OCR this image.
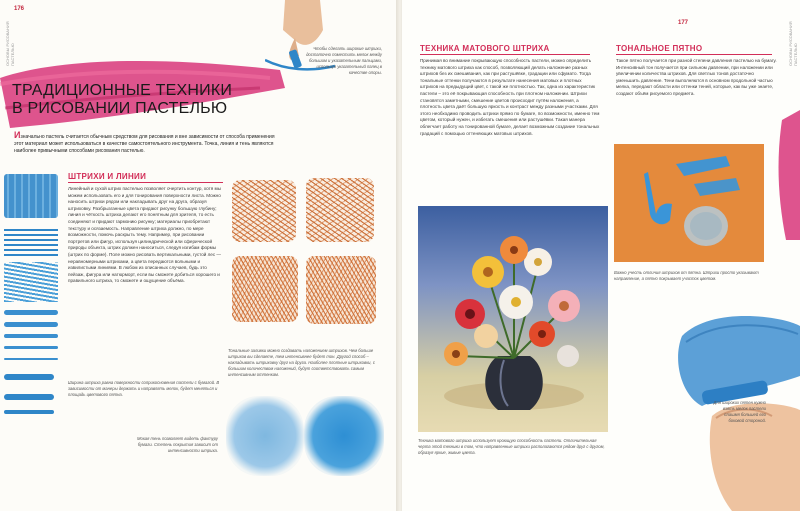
176
ОСНОВЫ РИСОВАНИЯ ПАСТЕЛЬЮ
ТРАДИЦИОННЫЕ ТЕХНИКИ
В РИСОВАНИИ ПАСТЕЛЬЮ
Чтобы сделать широкие штрихи, достаточно поместить мелок между большим и указательным пальцами, используя указательный палец в качестве опоры.
Изначально пастель считается обычным средством для рисования и вне зависимости от способа применения этот материал может использоваться в качестве самостоятельного инструмента. Точка, линия и тень являются наиболее привычными способами рисования пастелью.
ШТРИХИ И ЛИНИИ
Линейный и сухой штрих пастелью позволяет очертить контур, хотя мы можем использовать его и для тонирования поверхности листа. Можно наносить штрихи рядом или накладывать друг на друга, образуя штриховку. Разбрызганные цвета придают рисунку большую глубину; линия и чёткость штриха делают его понятным для зрителя, то есть соединяют и придают гармонию рисунку; материалы приобретают текстуру и осязаемость. Направление штриха должно, по мере возможности, помочь раскрыть тему. Например, при рисовании портретов или фигур, используя цилиндрической или сферической природы объекта, штрих должен наноситься, следуя изгибам формы (штрих по форме). Поле можно рисовать вертикальными, густой лес — неравномерными штрихами, а цвета передаются вольными и извилистыми линиями. В любом из описанных случаев, будь это пейзаж, фигура или натюрморт, если вы сможете добиться хорошего и правильного штриха, то сможете и ощущение объёма.
Ширина штриха равна поверхности соприкосновения пастели с бумагой. В зависимости от манеры держать и направлять мелок, будет меняться и площадь цветового пятна.
Тональные заливки можно создавать наложением штрихов. Чем больше штрихов вы сделаете, тем интенсивнее будет тон. Другой способ – накладывать штриховку друг на друга. Наиболее плотные штриховки, с большим количеством наложений, будут соответствовать самым интенсивным оттенкам.
Мокая тень позволяет видеть фактуру бумаги. Степень покрытия зависит от интенсивности штриха.
177	ОСНОВЫ РИСОВАНИЯ ПАСТЕЛЬЮ
ТЕХНИКА МАТОВОГО ШТРИХА
Принимая во внимание покрывающую способность пастели, можно определить технику матового штриха как способ, позволяющий делать наложение разных штрихов без их смешивания, как при растушёвке, градации или сфумато. Тогда тональные оттенки получаются в результате нанесения матовых и плотных штрихов на предыдущий цвет, с такой же плотностью. Так, одна из характеристик пастели – это её покрывающая способность при плотном наложении. Штрихи становятся заметными, смешение цветов происходит путём наложения, а плотность цвета даёт большую яркость и контраст между разными участками. Для этого необходимо проводить штрихи прямо по бумаге, по возможности, именно тем цветом, который нужен, и избегать смешения или растушёвки. Такая манера облегчает работу на тонированной бумаге, делает возможным создание тональных градаций с помощью оттеняющих матовых штрихов.
ТОНАЛЬНОЕ ПЯТНО
Такое пятно получается при разной степени давления пастелью на бумагу. Интенсивный тон получается при сильном давлении, при наложении или увеличении количества штрихов. Для светлых тонов достаточно уменьшить давление. Тени выполняются в основном продольной частью мелка, передают области или оттенки теней, которые, как вы уже знаете, создают объём рисуемого предмета.
Важно учесть отличия штрихов от пятна. Штрихи просто указывают направление, а пятно покрывает участок цветом.
Техника матового штриха использует кроющую способность пастели. Отличительная черта этой техники в том, что направленные штрихи располагаются рядом друг с другом, образуя яркие, живые цвета.
Для широких пятен нужно взять мелок пастели плашмя большей его боковой стороной.
